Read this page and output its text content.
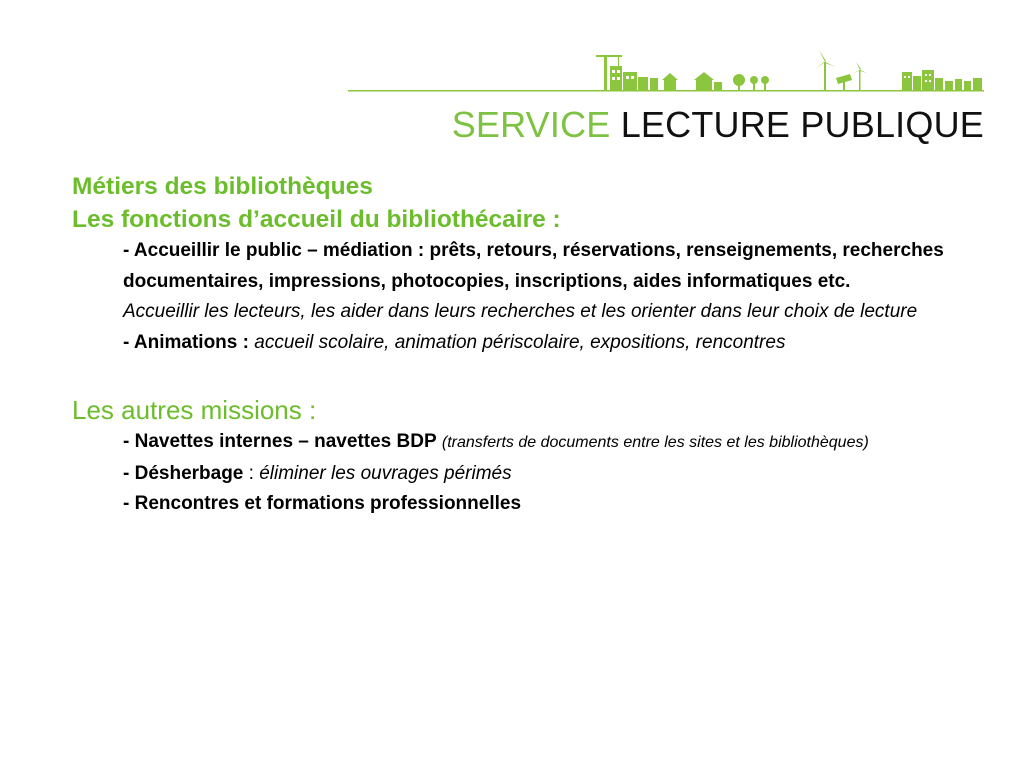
SERVICE LECTURE PUBLIQUE

Métiers des bibliothèques

Les fonctions d’accueil du bibliothécaire :

- Accueillir le public – médiation : prêts, retours, réservations, renseignements, recherches documentaires, impressions, photocopies, inscriptions, aides informatiques etc.

Accueillir les lecteurs, les aider dans leurs recherches et les orienter dans leur choix de lecture

- Animations : accueil scolaire, animation périscolaire, expositions, rencontres

Les autres missions :

- Navettes internes – navettes BDP (transferts de documents entre les sites et les bibliothèques)

- Désherbage : éliminer les ouvrages périmés

- Rencontres et formations professionnelles
